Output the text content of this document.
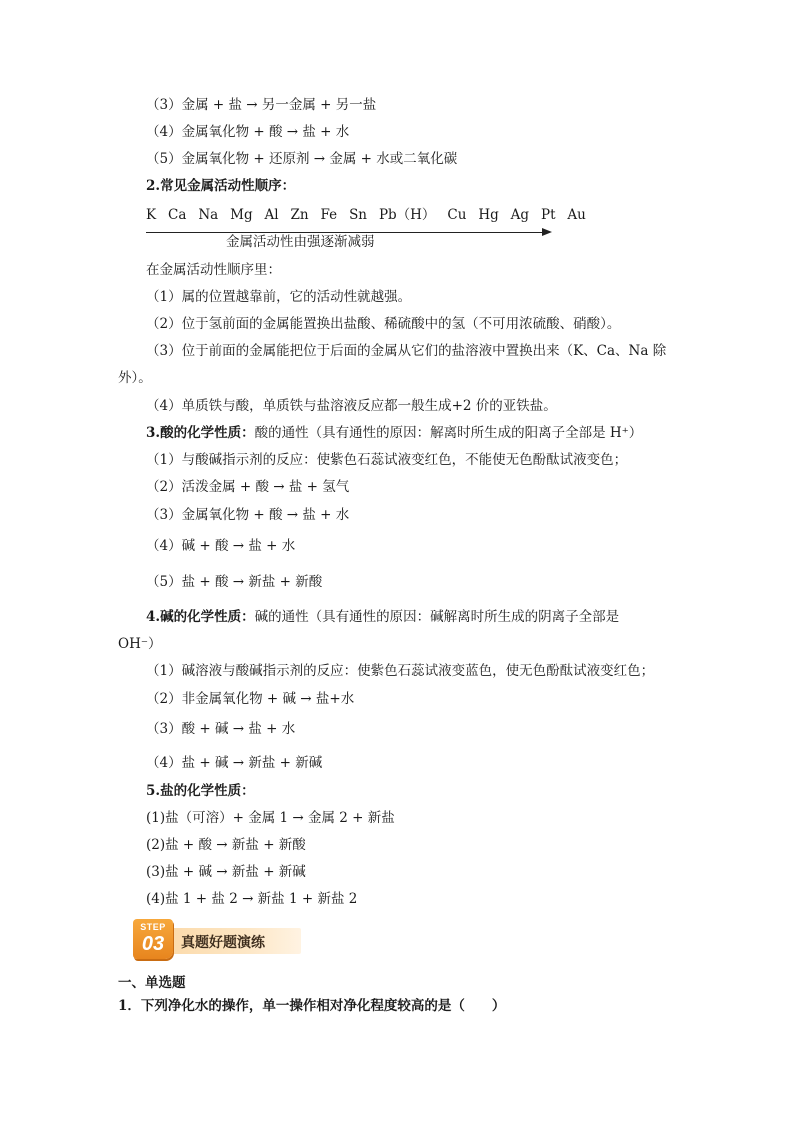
（3）金属 + 盐 → 另一金属 + 另一盐
（4）金属氧化物 + 酸 → 盐 + 水
（5）金属氧化物 + 还原剂 → 金属 + 水或二氧化碳
2.常见金属活动性顺序：
K Ca Na Mg Al Zn Fe Sn Pb（H） Cu Hg Ag Pt Au
金属活动性由强逐渐减弱
在金属活动性顺序里：
（1）属的位置越靠前，它的活动性就越强。
（2）位于氢前面的金属能置换出盐酸、稀硫酸中的氢（不可用浓硫酸、硝酸）。
（3）位于前面的金属能把位于后面的金属从它们的盐溶液中置换出来（K、Ca、Na 除
外）。
（4）单质铁与酸，单质铁与盐溶液反应都一般生成+2 价的亚铁盐。
3.酸的化学性质：酸的通性（具有通性的原因：解离时所生成的阳离子全部是 H⁺）
（1）与酸碱指示剂的反应：使紫色石蕊试液变红色，不能使无色酚酞试液变色；
（2）活泼金属 + 酸 → 盐 + 氢气
（3）金属氧化物 + 酸 → 盐 + 水
（4）碱 + 酸 → 盐 + 水
（5）盐 + 酸 → 新盐 + 新酸
4.碱的化学性质：碱的通性（具有通性的原因：碱解离时所生成的阴离子全部是
OH⁻）
（1）碱溶液与酸碱指示剂的反应：使紫色石蕊试液变蓝色，使无色酚酞试液变红色；
（2）非金属氧化物 + 碱 → 盐+水
（3）酸 + 碱 → 盐 + 水
（4）盐 + 碱 → 新盐 + 新碱
5.盐的化学性质：
(1)盐（可溶）+ 金属 1 → 金属 2 + 新盐
(2)盐 + 酸 → 新盐 + 新酸
(3)盐 + 碱 → 新盐 + 新碱
(4)盐 1 + 盐 2 → 新盐 1 + 新盐 2
STEP
03	真题好题演练
一、单选题
1．下列净化水的操作，单一操作相对净化程度较高的是（　　）
